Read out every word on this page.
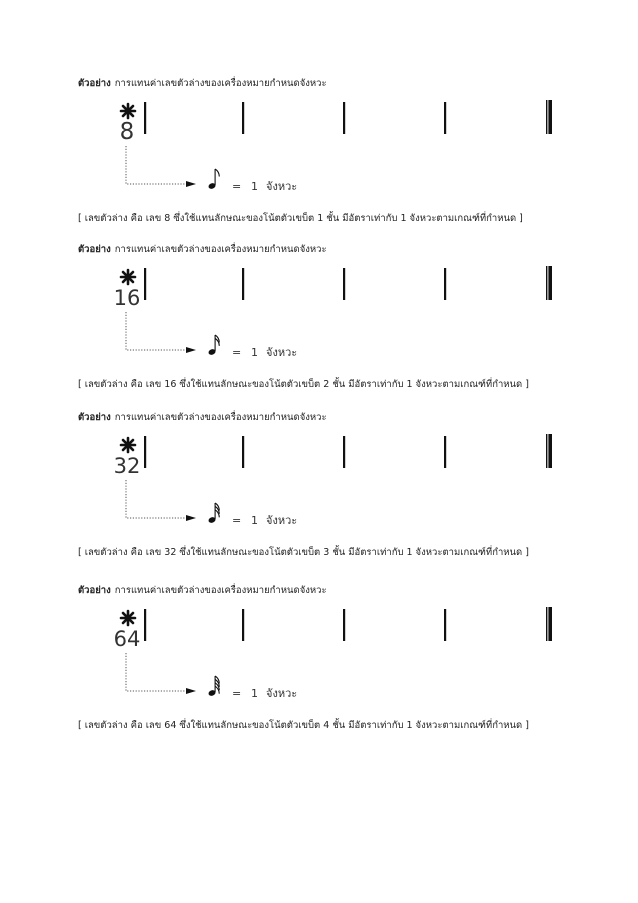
ตัวอย่าง การแทนค่าเลขตัวล่างของเครื่องหมายกำหนดจังหวะ
8
= 1 จังหวะ
[ เลขตัวล่าง คือ เลข 8 ซึ่งใช้แทนลักษณะของโน้ตตัวเขบ็ต 1 ชั้น มีอัตราเท่ากับ 1 จังหวะตามเกณฑ์ที่กำหนด ]
ตัวอย่าง การแทนค่าเลขตัวล่างของเครื่องหมายกำหนดจังหวะ
16
= 1 จังหวะ
[ เลขตัวล่าง คือ เลข 16 ซึ่งใช้แทนลักษณะของโน้ตตัวเขบ็ต 2 ชั้น มีอัตราเท่ากับ 1 จังหวะตามเกณฑ์ที่กำหนด ]
ตัวอย่าง การแทนค่าเลขตัวล่างของเครื่องหมายกำหนดจังหวะ
32
= 1 จังหวะ
[ เลขตัวล่าง คือ เลข 32 ซึ่งใช้แทนลักษณะของโน้ตตัวเขบ็ต 3 ชั้น มีอัตราเท่ากับ 1 จังหวะตามเกณฑ์ที่กำหนด ]
ตัวอย่าง การแทนค่าเลขตัวล่างของเครื่องหมายกำหนดจังหวะ
64
= 1 จังหวะ
[ เลขตัวล่าง คือ เลข 64 ซึ่งใช้แทนลักษณะของโน้ตตัวเขบ็ต 4 ชั้น มีอัตราเท่ากับ 1 จังหวะตามเกณฑ์ที่กำหนด ]
